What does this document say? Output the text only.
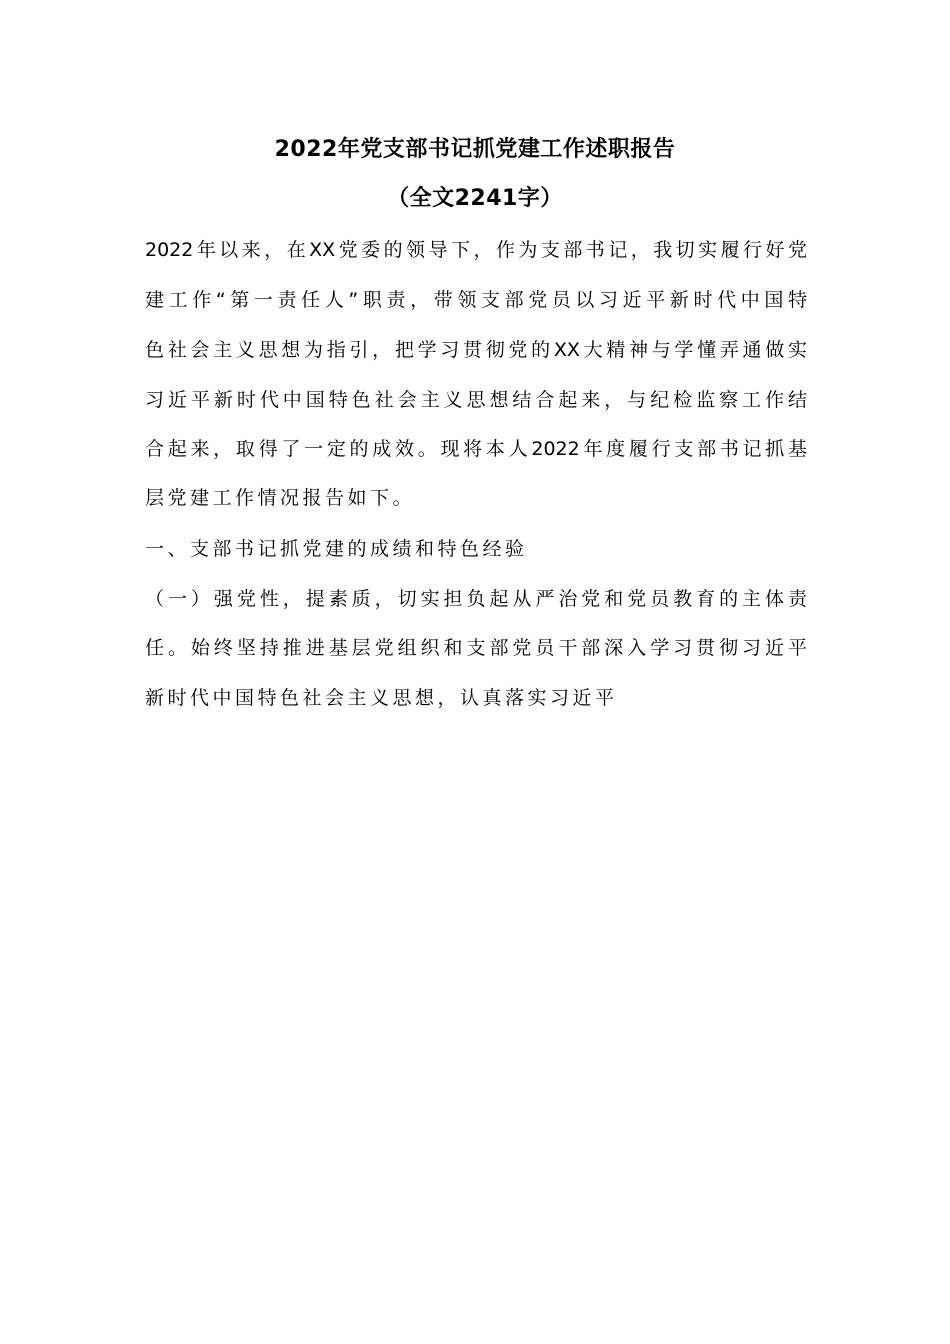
2022年党支部书记抓党建工作述职报告
（全文2241字）

2022年以来，在XX党委的领导下，作为支部书记，我切实履行好党

建工作“第一责任人”职责，带领支部党员以习近平新时代中国特

色社会主义思想为指引，把学习贯彻党的XX大精神与学懂弄通做实

习近平新时代中国特色社会主义思想结合起来，与纪检监察工作结

合起来，取得了一定的成效。现将本人2022年度履行支部书记抓基

层党建工作情况报告如下。

一、支部书记抓党建的成绩和特色经验

（一）强党性，提素质，切实担负起从严治党和党员教育的主体责

任。始终坚持推进基层党组织和支部党员干部深入学习贯彻习近平

新时代中国特色社会主义思想，认真落实习近平
